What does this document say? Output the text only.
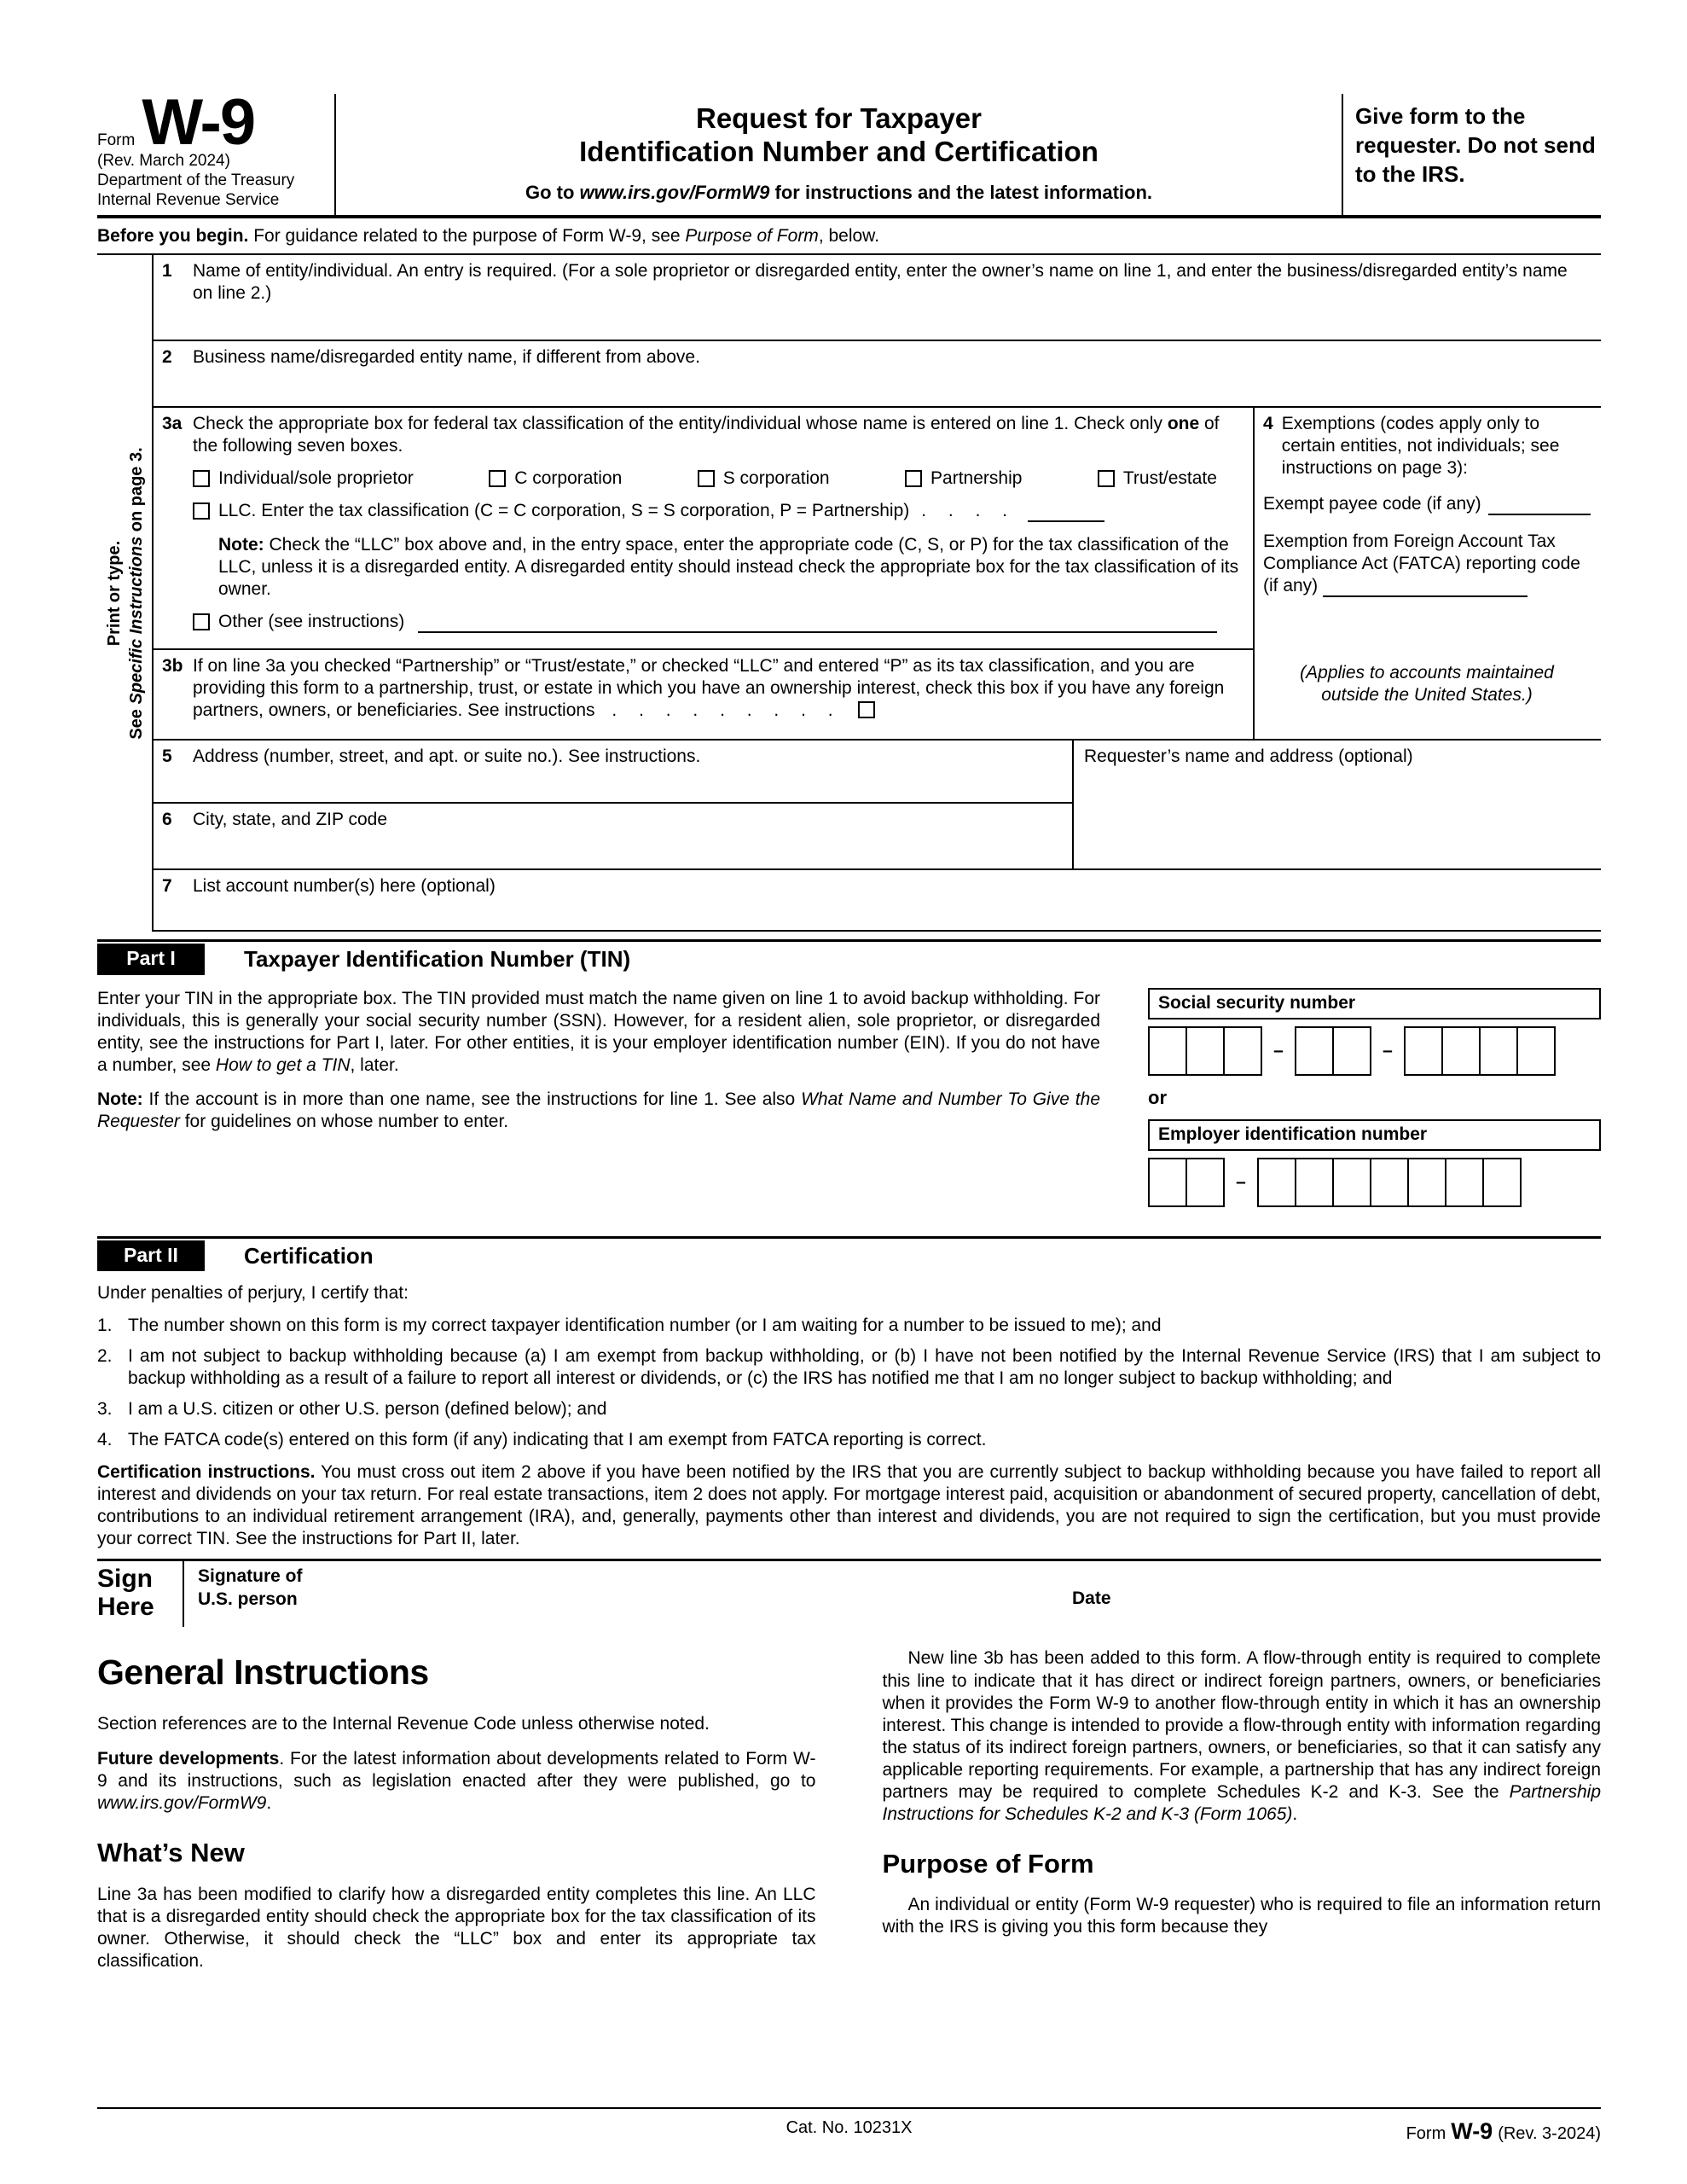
Form W-9
(Rev. March 2024)
Department of the Treasury
Internal Revenue Service
Request for Taxpayer
Identification Number and Certification
Go to www.irs.gov/FormW9 for instructions and the latest information.
Give form to the requester. Do not send to the IRS.
Before you begin. For guidance related to the purpose of Form W-9, see Purpose of Form, below.
Print or type.
See Specific Instructions on page 3.
1	Name of entity/individual. An entry is required. (For a sole proprietor or disregarded entity, enter the owner’s name on line 1, and enter the business/disregarded entity’s name on line 2.)
2	Business name/disregarded entity name, if different from above.
3a Check the appropriate box for federal tax classification of the entity/individual whose name is entered on line 1. Check only one of the following seven boxes.
Individual/sole proprietor	C corporation	S corporation	Partnership	Trust/estate
LLC. Enter the tax classification (C = C corporation, S = S corporation, P = Partnership) . . . .
Note: Check the “LLC” box above and, in the entry space, enter the appropriate code (C, S, or P) for the tax classification of the LLC, unless it is a disregarded entity. A disregarded entity should instead check the appropriate box for the tax classification of its owner.
Other (see instructions)
3b If on line 3a you checked “Partnership” or “Trust/estate,” or checked “LLC” and entered “P” as its tax classification, and you are providing this form to a partnership, trust, or estate in which you have an ownership interest, check this box if you have any foreign partners, owners, or beneficiaries. See instructions . . . . . . . . .
4 Exemptions (codes apply only to certain entities, not individuals; see instructions on page 3):
Exempt payee code (if any)
Exemption from Foreign Account Tax Compliance Act (FATCA) reporting code (if any)
(Applies to accounts maintained outside the United States.)
5	Address (number, street, and apt. or suite no.). See instructions.
6	City, state, and ZIP code
Requester’s name and address (optional)
7	List account number(s) here (optional)
Part I	Taxpayer Identification Number (TIN)

Enter your TIN in the appropriate box. The TIN provided must match the name given on line 1 to avoid backup withholding. For individuals, this is generally your social security number (SSN). However, for a resident alien, sole proprietor, or disregarded entity, see the instructions for Part I, later. For other entities, it is your employer identification number (EIN). If you do not have a number, see How to get a TIN, later.

Note: If the account is in more than one name, see the instructions for line 1. See also What Name and Number To Give the Requester for guidelines on whose number to enter.

Social security number
–	–
or
Employer identification number
–
Part II	Certification

Under penalties of perjury, I certify that:

1. The number shown on this form is my correct taxpayer identification number (or I am waiting for a number to be issued to me); and
2. I am not subject to backup withholding because (a) I am exempt from backup withholding, or (b) I have not been notified by the Internal Revenue Service (IRS) that I am subject to backup withholding as a result of a failure to report all interest or dividends, or (c) the IRS has notified me that I am no longer subject to backup withholding; and
3. I am a U.S. citizen or other U.S. person (defined below); and
4. The FATCA code(s) entered on this form (if any) indicating that I am exempt from FATCA reporting is correct.

Certification instructions. You must cross out item 2 above if you have been notified by the IRS that you are currently subject to backup withholding because you have failed to report all interest and dividends on your tax return. For real estate transactions, item 2 does not apply. For mortgage interest paid, acquisition or abandonment of secured property, cancellation of debt, contributions to an individual retirement arrangement (IRA), and, generally, payments other than interest and dividends, you are not required to sign the certification, but you must provide your correct TIN. See the instructions for Part II, later.

Sign
Here
Signature of
U.S. person	Date
General Instructions

Section references are to the Internal Revenue Code unless otherwise noted.

Future developments. For the latest information about developments related to Form W-9 and its instructions, such as legislation enacted after they were published, go to www.irs.gov/FormW9.

What’s New

Line 3a has been modified to clarify how a disregarded entity completes this line. An LLC that is a disregarded entity should check the appropriate box for the tax classification of its owner. Otherwise, it should check the “LLC” box and enter its appropriate tax classification.

New line 3b has been added to this form. A flow-through entity is required to complete this line to indicate that it has direct or indirect foreign partners, owners, or beneficiaries when it provides the Form W-9 to another flow-through entity in which it has an ownership interest. This change is intended to provide a flow-through entity with information regarding the status of its indirect foreign partners, owners, or beneficiaries, so that it can satisfy any applicable reporting requirements. For example, a partnership that has any indirect foreign partners may be required to complete Schedules K-2 and K-3. See the Partnership Instructions for Schedules K-2 and K-3 (Form 1065).

Purpose of Form

An individual or entity (Form W-9 requester) who is required to file an information return with the IRS is giving you this form because they

Cat. No. 10231X	Form W-9 (Rev. 3-2024)
